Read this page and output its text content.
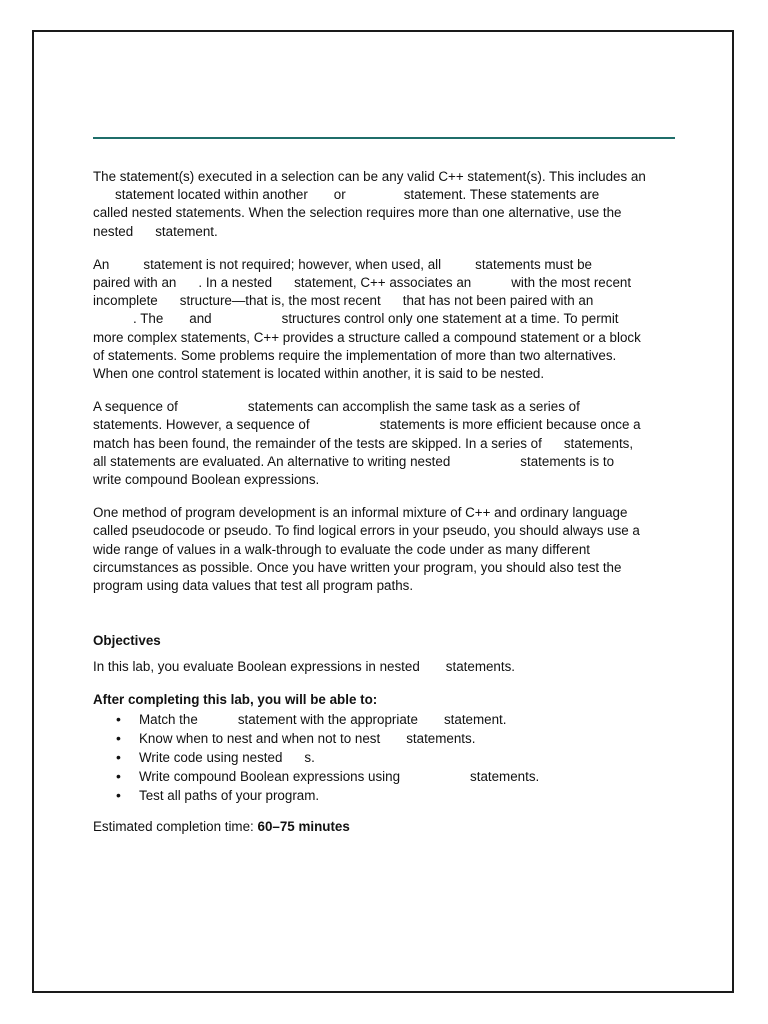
The statement(s) executed in a selection can be any valid C++ statement(s). This includes an
statement located within another or	statement. These statements are
called nested statements. When the selection requires more than one alternative, use the
nested statement.

An	statement is not required; however, when used, all	statements must be
paired with an . In a nested statement, C++ associates an	with the most recent
incomplete structure—that is, the most recent that has not been paired with an
. The and	structures control only one statement at a time. To permit
more complex statements, C++ provides a structure called a compound statement or a block
of statements. Some problems require the implementation of more than two alternatives.
When one control statement is located within another, it is said to be nested.

A sequence of	statements can accomplish the same task as a series of
statements. However, a sequence of	statements is more efficient because once a
match has been found, the remainder of the tests are skipped. In a series of statements,
all statements are evaluated. An alternative to writing nested	statements is to
write compound Boolean expressions.

One method of program development is an informal mixture of C++ and ordinary language
called pseudocode or pseudo. To find logical errors in your pseudo, you should always use a
wide range of values in a walk-through to evaluate the code under as many different
circumstances as possible. Once you have written your program, you should also test the
program using data values that test all program paths.

Objectives

In this lab, you evaluate Boolean expressions in nested statements.

After completing this lab, you will be able to:

• Match the	statement with the appropriate statement.
• Know when to nest and when not to nest statements.
• Write code using nested s.
• Write compound Boolean expressions using	statements.
• Test all paths of your program.

Estimated completion time: 60–75 minutes
